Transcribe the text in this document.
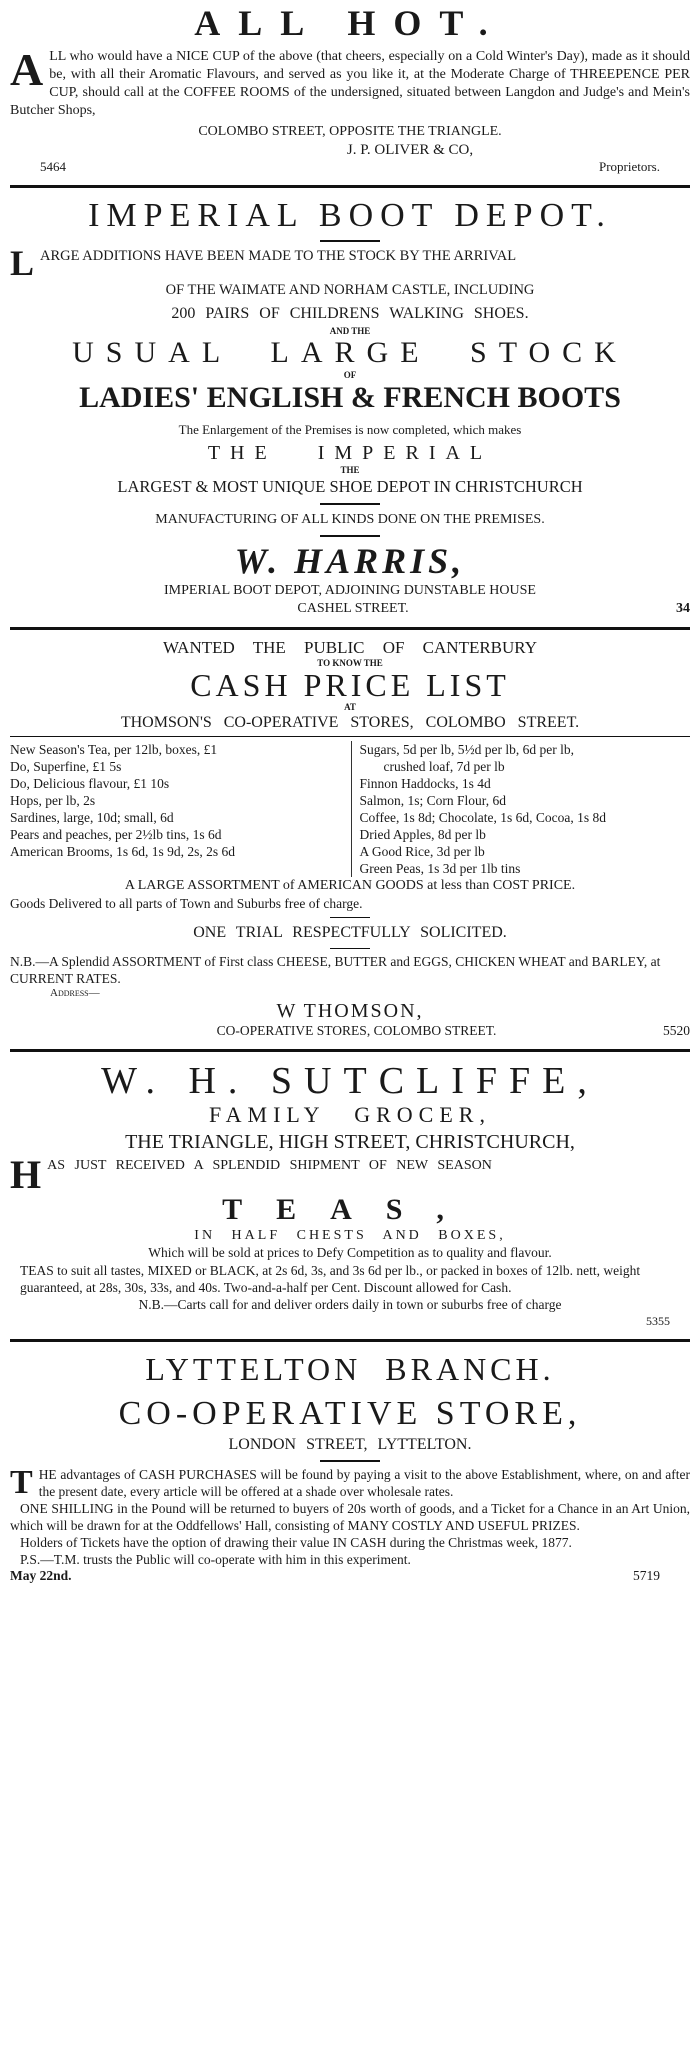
ALL HOT.
ALL who would have a NICE CUP of the above (that cheers, especially on a Cold Winter's Day), made as it should be, with all their Aromatic Flavours, and served as you like it, at the Moderate Charge of THREEPENCE PER CUP, should call at the COFFEE ROOMS of the undersigned, situated between Langdon and Judge's and Mein's Butcher Shops,
COLOMBO STREET, OPPOSITE THE TRIANGLE.
J. P. OLIVER & CO,
5464	Proprietors.
IMPERIAL BOOT DEPOT.
LARGE ADDITIONS HAVE BEEN MADE TO THE STOCK BY THE ARRIVAL
OF THE WAIMATE AND NORHAM CASTLE, INCLUDING
200 PAIRS OF CHILDRENS WALKING SHOES.
AND THE
USUAL LARGE STOCK
OF
LADIES' ENGLISH & FRENCH BOOTS
The Enlargement of the Premises is now completed, which makes
THE IMPERIAL
THE
LARGEST & MOST UNIQUE SHOE DEPOT IN CHRISTCHURCH
MANUFACTURING OF ALL KINDS DONE ON THE PREMISES.
W. HARRIS,
IMPERIAL BOOT DEPOT, ADJOINING DUNSTABLE HOUSE
CASHEL STREET.	34
WANTED THE PUBLIC OF CANTERBURY
TO KNOW THE
CASH PRICE LIST
AT
THOMSON'S CO-OPERATIVE STORES, COLOMBO STREET.
New Season's Tea, per 12lb, boxes, £1
Do, Superfine, £1 5s
Do, Delicious flavour, £1 10s
Hops, per lb, 2s
Sardines, large, 10d; small, 6d
Pears and peaches, per 2½lb tins, 1s 6d
American Brooms, 1s 6d, 1s 9d, 2s, 2s 6d
Sugars, 5d per lb, 5½d per lb, 6d per lb,
crushed loaf, 7d per lb
Finnon Haddocks, 1s 4d
Salmon, 1s; Corn Flour, 6d
Coffee, 1s 8d; Chocolate, 1s 6d, Cocoa, 1s 8d
Dried Apples, 8d per lb
A Good Rice, 3d per lb
Green Peas, 1s 3d per 1lb tins
A LARGE ASSORTMENT of AMERICAN GOODS at less than COST PRICE.
Goods Delivered to all parts of Town and Suburbs free of charge.
ONE TRIAL RESPECTFULLY SOLICITED.
N.B.—A Splendid ASSORTMENT of First class CHEESE, BUTTER and EGGS, CHICKEN WHEAT and BARLEY, at CURRENT RATES.
Address—
W THOMSON,
CO-OPERATIVE STORES, COLOMBO STREET.	5520
W. H. SUTCLIFFE,
FAMILY GROCER,
THE TRIANGLE, HIGH STREET, CHRISTCHURCH,
HAS JUST RECEIVED A SPLENDID SHIPMENT OF NEW SEASON
TEAS,
IN HALF CHESTS AND BOXES,
Which will be sold at prices to Defy Competition as to quality and flavour.
TEAS to suit all tastes, MIXED or BLACK, at 2s 6d, 3s, and 3s 6d per lb., or packed in boxes of 12lb. nett, weight guaranteed, at 28s, 30s, 33s, and 40s. Two-and-a-half per Cent. Discount allowed for Cash.
N.B.—Carts call for and deliver orders daily in town or suburbs free of charge
5355
LYTTELTON BRANCH.
CO-OPERATIVE STORE,
LONDON STREET, LYTTELTON.
THE advantages of CASH PURCHASES will be found by paying a visit to the above Establishment, where, on and after the present date, every article will be offered at a shade over wholesale rates.

ONE SHILLING in the Pound will be returned to buyers of 20s worth of goods, and a Ticket for a Chance in an Art Union, which will be drawn for at the Oddfellows' Hall, consisting of MANY COSTLY AND USEFUL PRIZES.

Holders of Tickets have the option of drawing their value IN CASH during the Christmas week, 1877.

P.S.—T.M. trusts the Public will co-operate with him in this experiment.

May 22nd.	5719
